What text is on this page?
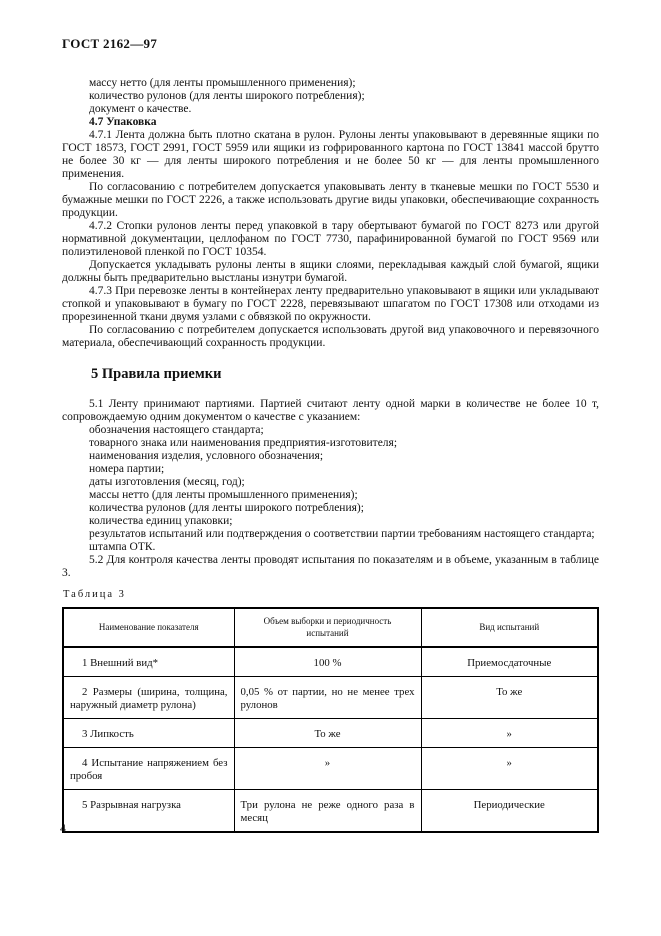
ГОСТ 2162—97

массу нетто (для ленты промышленного применения);

количество рулонов (для ленты широкого потребления);

документ о качестве.

4.7 Упаковка

4.7.1 Лента должна быть плотно скатана в рулон. Рулоны ленты упаковывают в деревянные ящики по ГОСТ 18573, ГОСТ 2991, ГОСТ 5959 или ящики из гофрированного картона по ГОСТ 13841 массой брутто не более 30 кг — для ленты широкого потребления и не более 50 кг — для ленты промышленного применения.

По согласованию с потребителем допускается упаковывать ленту в тканевые мешки по ГОСТ 5530 и бумажные мешки по ГОСТ 2226, а также использовать другие виды упаковки, обеспечивающие сохранность продукции.

4.7.2 Стопки рулонов ленты перед упаковкой в тару обертывают бумагой по ГОСТ 8273 или другой нормативной документации, целлофаном по ГОСТ 7730, парафинированной бумагой по ГОСТ 9569 или полиэтиленовой пленкой по ГОСТ 10354.

Допускается укладывать рулоны ленты в ящики слоями, перекладывая каждый слой бумагой, ящики должны быть предварительно выстланы изнутри бумагой.

4.7.3 При перевозке ленты в контейнерах ленту предварительно упаковывают в ящики или укладывают стопкой и упаковывают в бумагу по ГОСТ 2228, перевязывают шпагатом по ГОСТ 17308 или отходами из прорезиненной ткани двумя узлами с обвязкой по окружности.

По согласованию с потребителем допускается использовать другой вид упаковочного и перевязочного материала, обеспечивающий сохранность продукции.

5 Правила приемки

5.1 Ленту принимают партиями. Партией считают ленту одной марки в количестве не более 10 т, сопровождаемую одним документом о качестве с указанием:

обозначения настоящего стандарта;

товарного знака или наименования предприятия-изготовителя;

наименования изделия, условного обозначения;

номера партии;

даты изготовления (месяц, год);

массы нетто (для ленты промышленного применения);

количества рулонов (для ленты широкого потребления);

количества единиц упаковки;

результатов испытаний или подтверждения о соответствии партии требованиям настоящего стандарта;

штампа ОТК.

5.2 Для контроля качества ленты проводят испытания по показателям и в объеме, указанным в таблице 3.

Таблица 3
Наименование показателя	Объем выборки и периодичность испытаний	Вид испытаний
1 Внешний вид*	100 %	Приемосдаточные
2 Размеры (ширина, толщина, наружный диаметр рулона)	0,05 % от партии, но не менее трех рулонов	То же
3 Липкость	То же	»
4 Испытание напряжением без пробоя	»	»
5 Разрывная нагрузка	Три рулона не реже одного раза в месяц	Периодические
4
